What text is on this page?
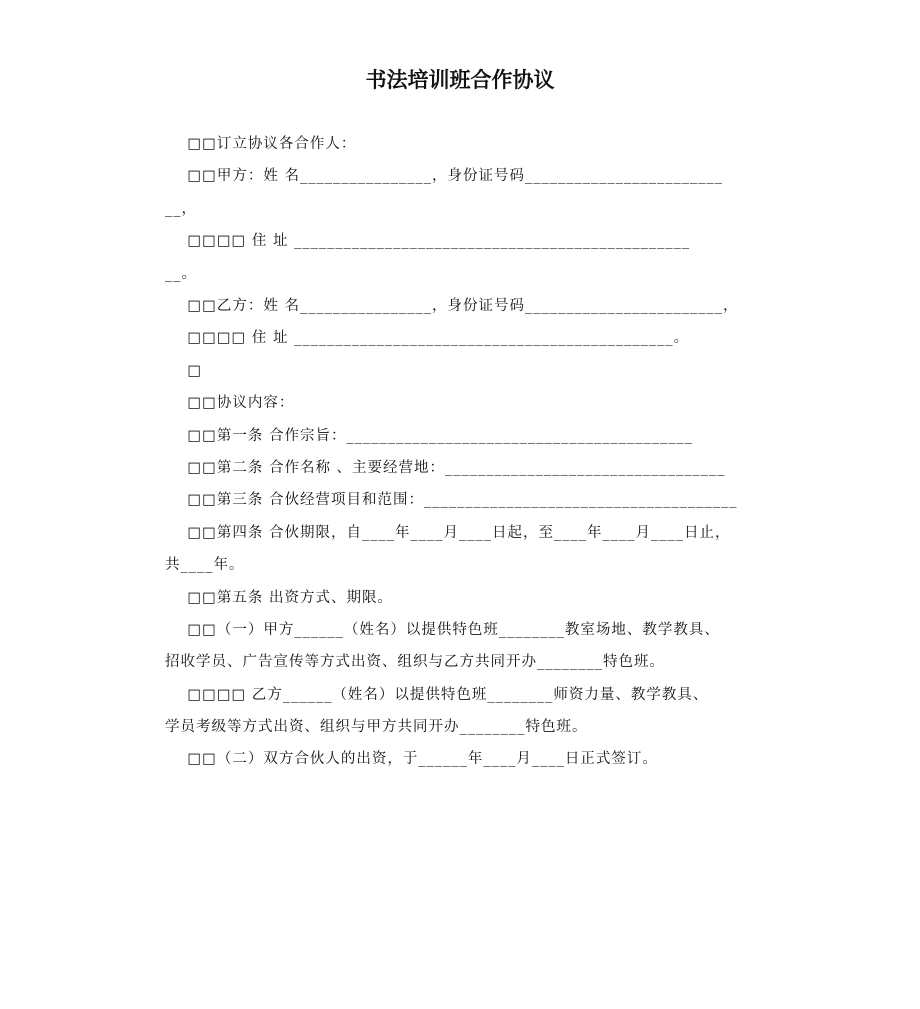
书法培训班合作协议
□□订立协议各合作人：
□□甲方：姓 名________________，身份证号码________________________
__，
□□□□ 住 址 ________________________________________________
__。
□□乙方：姓 名________________，身份证号码________________________，
□□□□ 住 址 ______________________________________________。
□
□□协议内容：
□□第一条 合作宗旨：__________________________________________
□□第二条 合作名称 、主要经营地：__________________________________
□□第三条 合伙经营项目和范围：______________________________________
□□第四条 合伙期限，自____年____月____日起，至____年____月____日止，
共____年。
□□第五条 出资方式、期限。
□□（一）甲方______（姓名）以提供特色班________教室场地、教学教具、
招收学员、广告宣传等方式出资、组织与乙方共同开办________特色班。
□□□□ 乙方______（姓名）以提供特色班________师资力量、教学教具、
学员考级等方式出资、组织与甲方共同开办________特色班。
□□（二）双方合伙人的出资，于______年____月____日正式签订。
